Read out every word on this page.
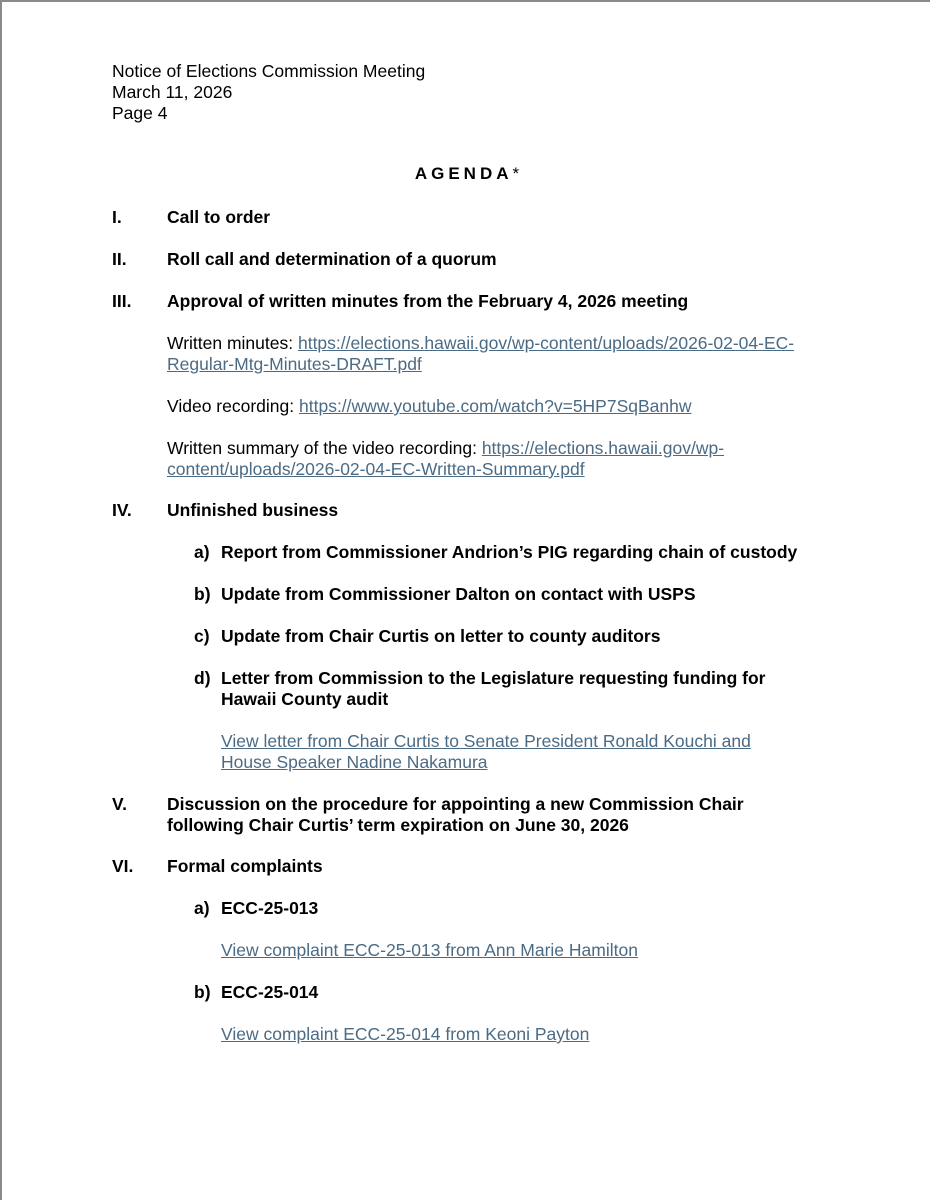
Notice of Elections Commission Meeting
March 11, 2026
Page 4
AGENDA*
I.	Call to order
II. Roll call and determination of a quorum
III. Approval of written minutes from the February 4, 2026 meeting
Written minutes: https://elections.hawaii.gov/wp-content/uploads/2026-02-04-EC-
Regular-Mtg-Minutes-DRAFT.pdf
Video recording: https://www.youtube.com/watch?v=5HP7SqBanhw
Written summary of the video recording: https://elections.hawaii.gov/wp-
content/uploads/2026-02-04-EC-Written-Summary.pdf
IV. Unfinished business
a) Report from Commissioner Andrion’s PIG regarding chain of custody
b) Update from Commissioner Dalton on contact with USPS
c) Update from Chair Curtis on letter to county auditors
d) Letter from Commission to the Legislature requesting funding for
Hawaii County audit
View letter from Chair Curtis to Senate President Ronald Kouchi and
House Speaker Nadine Nakamura
V. Discussion on the procedure for appointing a new Commission Chair
following Chair Curtis’ term expiration on June 30, 2026
VI. Formal complaints
a) ECC-25-013
View complaint ECC-25-013 from Ann Marie Hamilton
b) ECC-25-014
View complaint ECC-25-014 from Keoni Payton
